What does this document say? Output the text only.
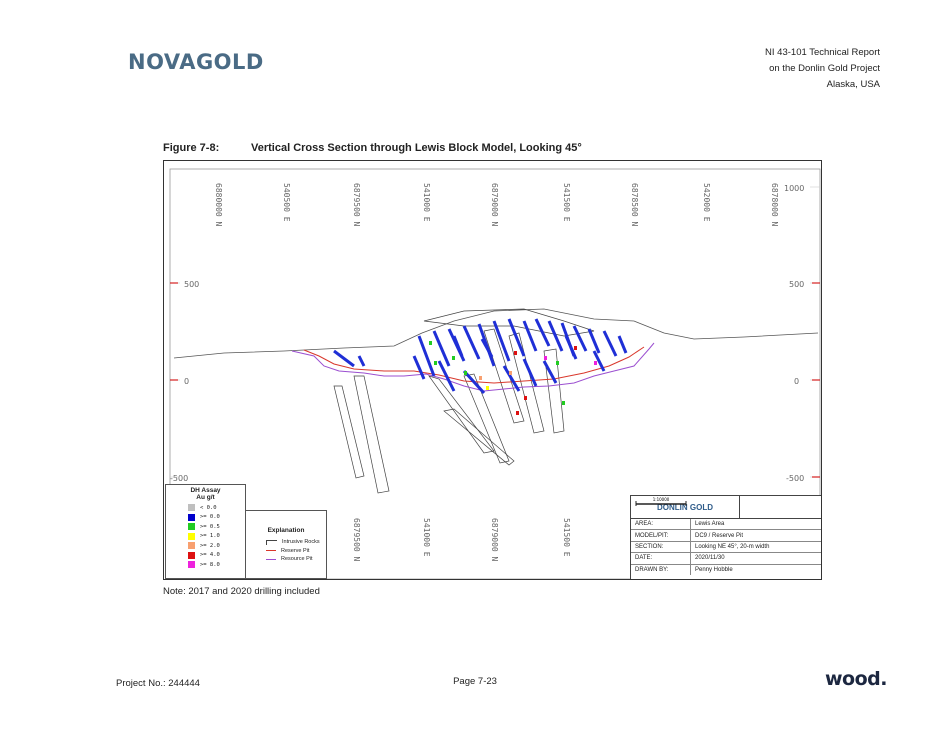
NOVAGOLD	NI 43-101 Technical Report
on the Donlin Gold Project
Alaska, USA
Figure 7-8:	Vertical Cross Section through Lewis Block Model, Looking 45°
6880000 N	540500 E	6879500 N	541000 E	6879000 N	541500 E	6878500 N	542000 E	6878000 N
6879500 N	541000 E	6879000 N	541500 E
500
0
-500
1000
500
0
-500
DH Assay
Au g/t
< 0.0
>= 0.0
>= 0.5
>= 1.0
>= 2.0
>= 4.0
>= 8.0
Explanation
Intrusive Rocks
Reserve Pit
Resource Pit
DONLIN GOLD
1:10000
AREA:	Lewis Area
MODEL/PIT:	DC9 / Reserve Pit
SECTION:	Looking NE 45°, 20-m width
DATE:	2020/11/30
DRAWN BY:	Penny Hobble
Note: 2017 and 2020 drilling included
Project No.: 244444	Page 7-23	wood.
